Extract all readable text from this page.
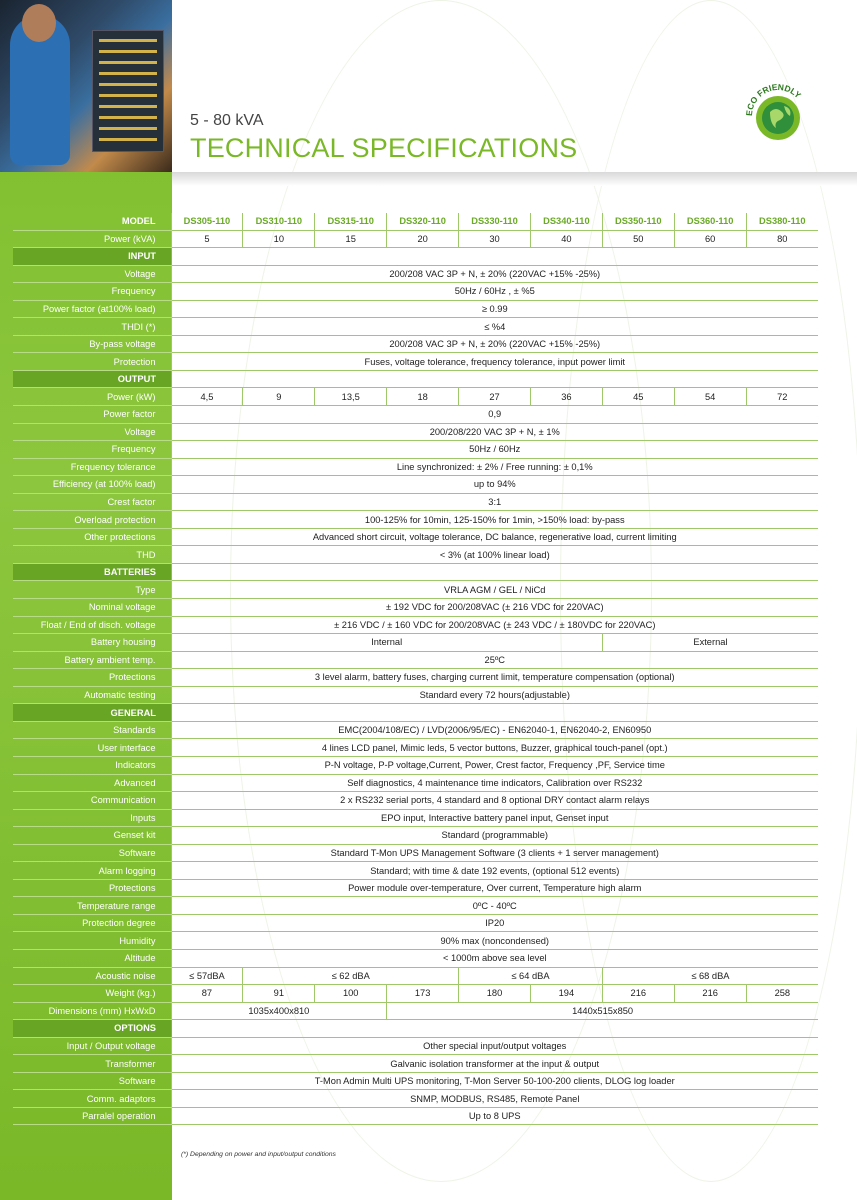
5 - 80 kVA
TECHNICAL SPECIFICATIONS
ECO FRIENDLY
MODEL	DS305-110	DS310-110	DS315-110	DS320-110	DS330-110	DS340-110	DS350-110	DS360-110	DS380-110
Power (kVA)	5	10	15	20	30	40	50	60	80
INPUT									
Voltage	200/208 VAC 3P + N, ± 20% (220VAC +15% -25%)								
Frequency	50Hz / 60Hz , ± %5								
Power factor (at100% load)	≥ 0.99								
THDI (*)	≤ %4								
By-pass voltage	200/208 VAC 3P + N, ± 20% (220VAC +15% -25%)								
Protection	Fuses, voltage tolerance, frequency tolerance, input power limit								
OUTPUT									
Power (kW)	4,5	9	13,5	18	27	36	45	54	72
Power factor	0,9								
Voltage	200/208/220 VAC 3P + N, ± 1%								
Frequency	50Hz / 60Hz								
Frequency tolerance	Line synchronized: ± 2% / Free running: ± 0,1%								
Efficiency (at 100% load)	up to 94%								
Crest factor	3:1								
Overload protection	100-125% for 10min, 125-150% for 1min, >150% load: by-pass								
Other protections	Advanced short circuit, voltage tolerance, DC balance, regenerative load, current limiting								
THD	< 3% (at 100% linear load)								
BATTERIES									
Type	VRLA AGM / GEL / NiCd								
Nominal voltage	± 192 VDC for 200/208VAC (± 216 VDC for 220VAC)								
Float / End of disch. voltage	± 216 VDC / ± 160 VDC for 200/208VAC (± 243 VDC / ± 180VDC for 220VAC)								
Battery housing	Internal						External		
Battery ambient temp.	25ºC								
Protections	3 level alarm, battery fuses, charging current limit, temperature compensation (optional)								
Automatic testing	Standard every 72 hours(adjustable)								
GENERAL									
Standards	EMC(2004/108/EC) / LVD(2006/95/EC) - EN62040-1, EN62040-2, EN60950								
User interface	4 lines LCD panel, Mimic leds, 5 vector buttons, Buzzer, graphical touch-panel (opt.)								
Indicators	P-N voltage, P-P voltage,Current, Power, Crest factor, Frequency ,PF, Service time								
Advanced	Self diagnostics, 4 maintenance time indicators, Calibration over RS232								
Communication	2 x RS232 serial ports, 4 standard and 8 optional DRY contact alarm relays								
Inputs	EPO input, Interactive battery panel input, Genset input								
Genset kit	Standard (programmable)								
Software	Standard T-Mon UPS Management Software (3 clients + 1 server management)								
Alarm logging	Standard; with time & date 192 events, (optional 512 events)								
Protections	Power module over-temperature, Over current, Temperature high alarm								
Temperature range	0ºC - 40ºC								
Protection degree	IP20								
Humidity	90% max (noncondensed)								
Altitude	< 1000m above sea level								
Acoustic noise	≤ 57dBA	≤ 62 dBA			≤ 64 dBA		≤ 68 dBA		
Weight (kg.)	87	91	100	173	180	194	216	216	258
Dimensions (mm) HxWxD	1035x400x810			1440x515x850					
OPTIONS									
Input / Output voltage	Other special input/output voltages								
Transformer	Galvanic isolation transformer at the input & output								
Software	T-Mon Admin Multi UPS monitoring, T-Mon Server 50-100-200 clients, DLOG log loader								
Comm. adaptors	SNMP, MODBUS, RS485, Remote Panel								
Parralel operation	Up to 8 UPS								
(*) Depending on power and input/output conditions
